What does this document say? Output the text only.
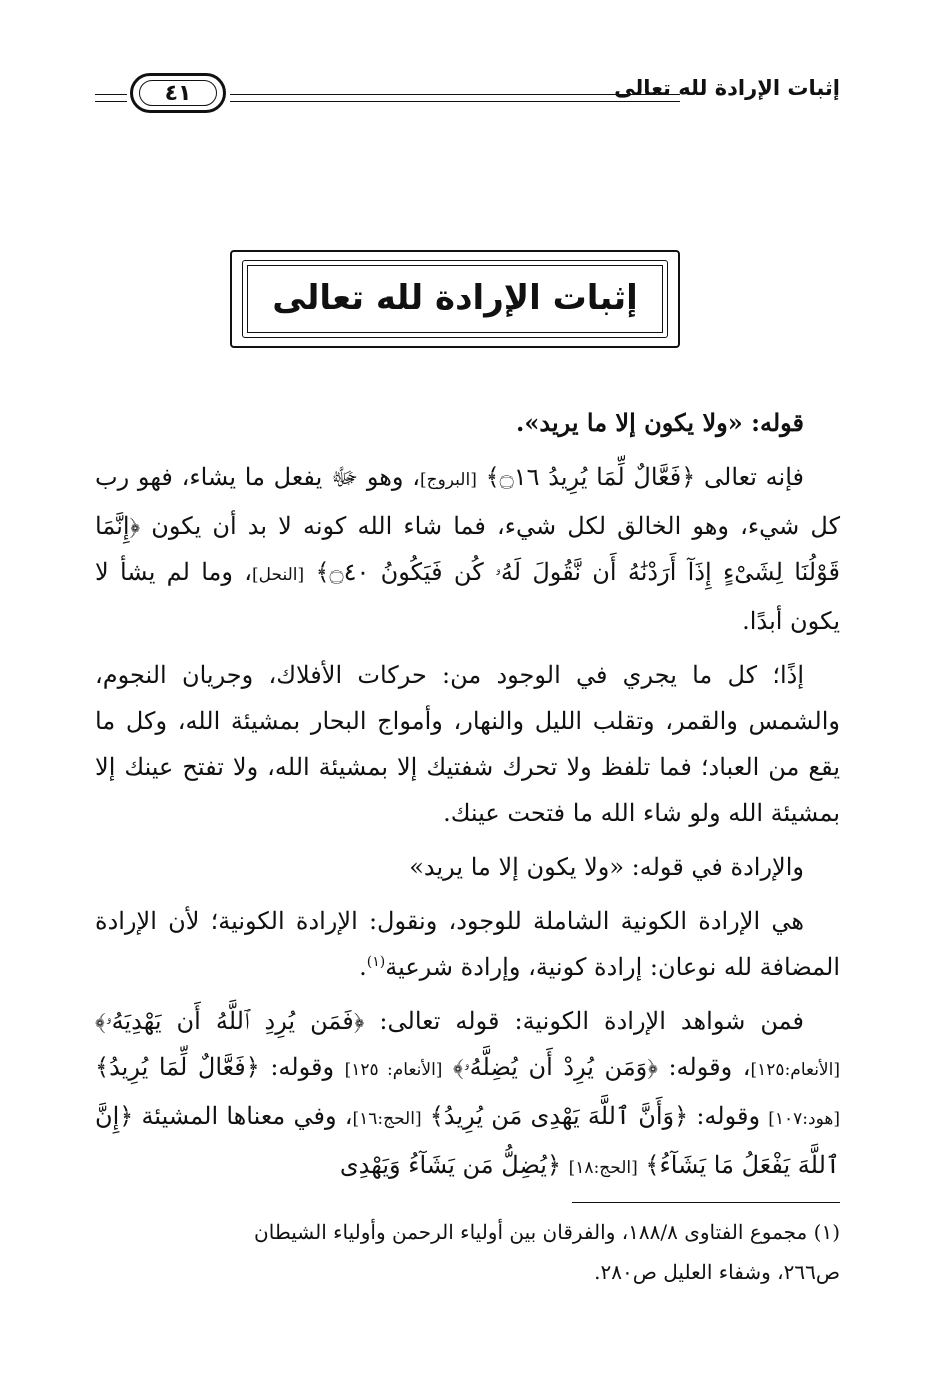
إثبات الإرادة لله تعالى
٤١
إثبات الإرادة لله تعالى

قوله: «ولا يكون إلا ما يريد».

فإنه تعالى ﴿فَعَّالٌ لِّمَا يُرِيدُ ۝١٦﴾ [البروج]، وهو ﷻ يفعل ما يشاء، فهو رب كل شيء، وهو الخالق لكل شيء، فما شاء الله كونه لا بد أن يكون ﴿إِنَّمَا قَوْلُنَا لِشَىْءٍ إِذَآ أَرَدْنَٰهُ أَن نَّقُولَ لَهُۥ كُن فَيَكُونُ ۝٤٠﴾ [النحل]، وما لم يشأ لا يكون أبدًا.

إذًا؛ كل ما يجري في الوجود من: حركات الأفلاك، وجريان النجوم، والشمس والقمر، وتقلب الليل والنهار، وأمواج البحار بمشيئة الله، وكل ما يقع من العباد؛ فما تلفظ ولا تحرك شفتيك إلا بمشيئة الله، ولا تفتح عينك إلا بمشيئة الله ولو شاء الله ما فتحت عينك.

والإرادة في قوله: «ولا يكون إلا ما يريد»

هي الإرادة الكونية الشاملة للوجود، ونقول: الإرادة الكونية؛ لأن الإرادة المضافة لله نوعان: إرادة كونية، وإرادة شرعية$^{(١)}$.

فمن شواهد الإرادة الكونية: قوله تعالى: ﴿فَمَن يُرِدِ ٱللَّهُ أَن يَهْدِيَهُۥ﴾ [الأنعام:١٢٥]، وقوله: ﴿وَمَن يُرِدْ أَن يُضِلَّهُۥ﴾ [الأنعام: ١٢٥] وقوله: ﴿فَعَّالٌ لِّمَا يُرِيدُ﴾ [هود:١٠٧] وقوله: ﴿وَأَنَّ ٱللَّهَ يَهْدِى مَن يُرِيدُ﴾ [الحج:١٦]، وفي معناها المشيئة ﴿إِنَّ ٱللَّهَ يَفْعَلُ مَا يَشَآءُ﴾ [الحج:١٨] ﴿يُضِلُّ مَن يَشَآءُ وَيَهْدِى

(١) مجموع الفتاوى ١٨٨/٨، والفرقان بين أولياء الرحمن وأولياء الشيطان

ص٢٦٦، وشفاء العليل ص٢٨٠.
